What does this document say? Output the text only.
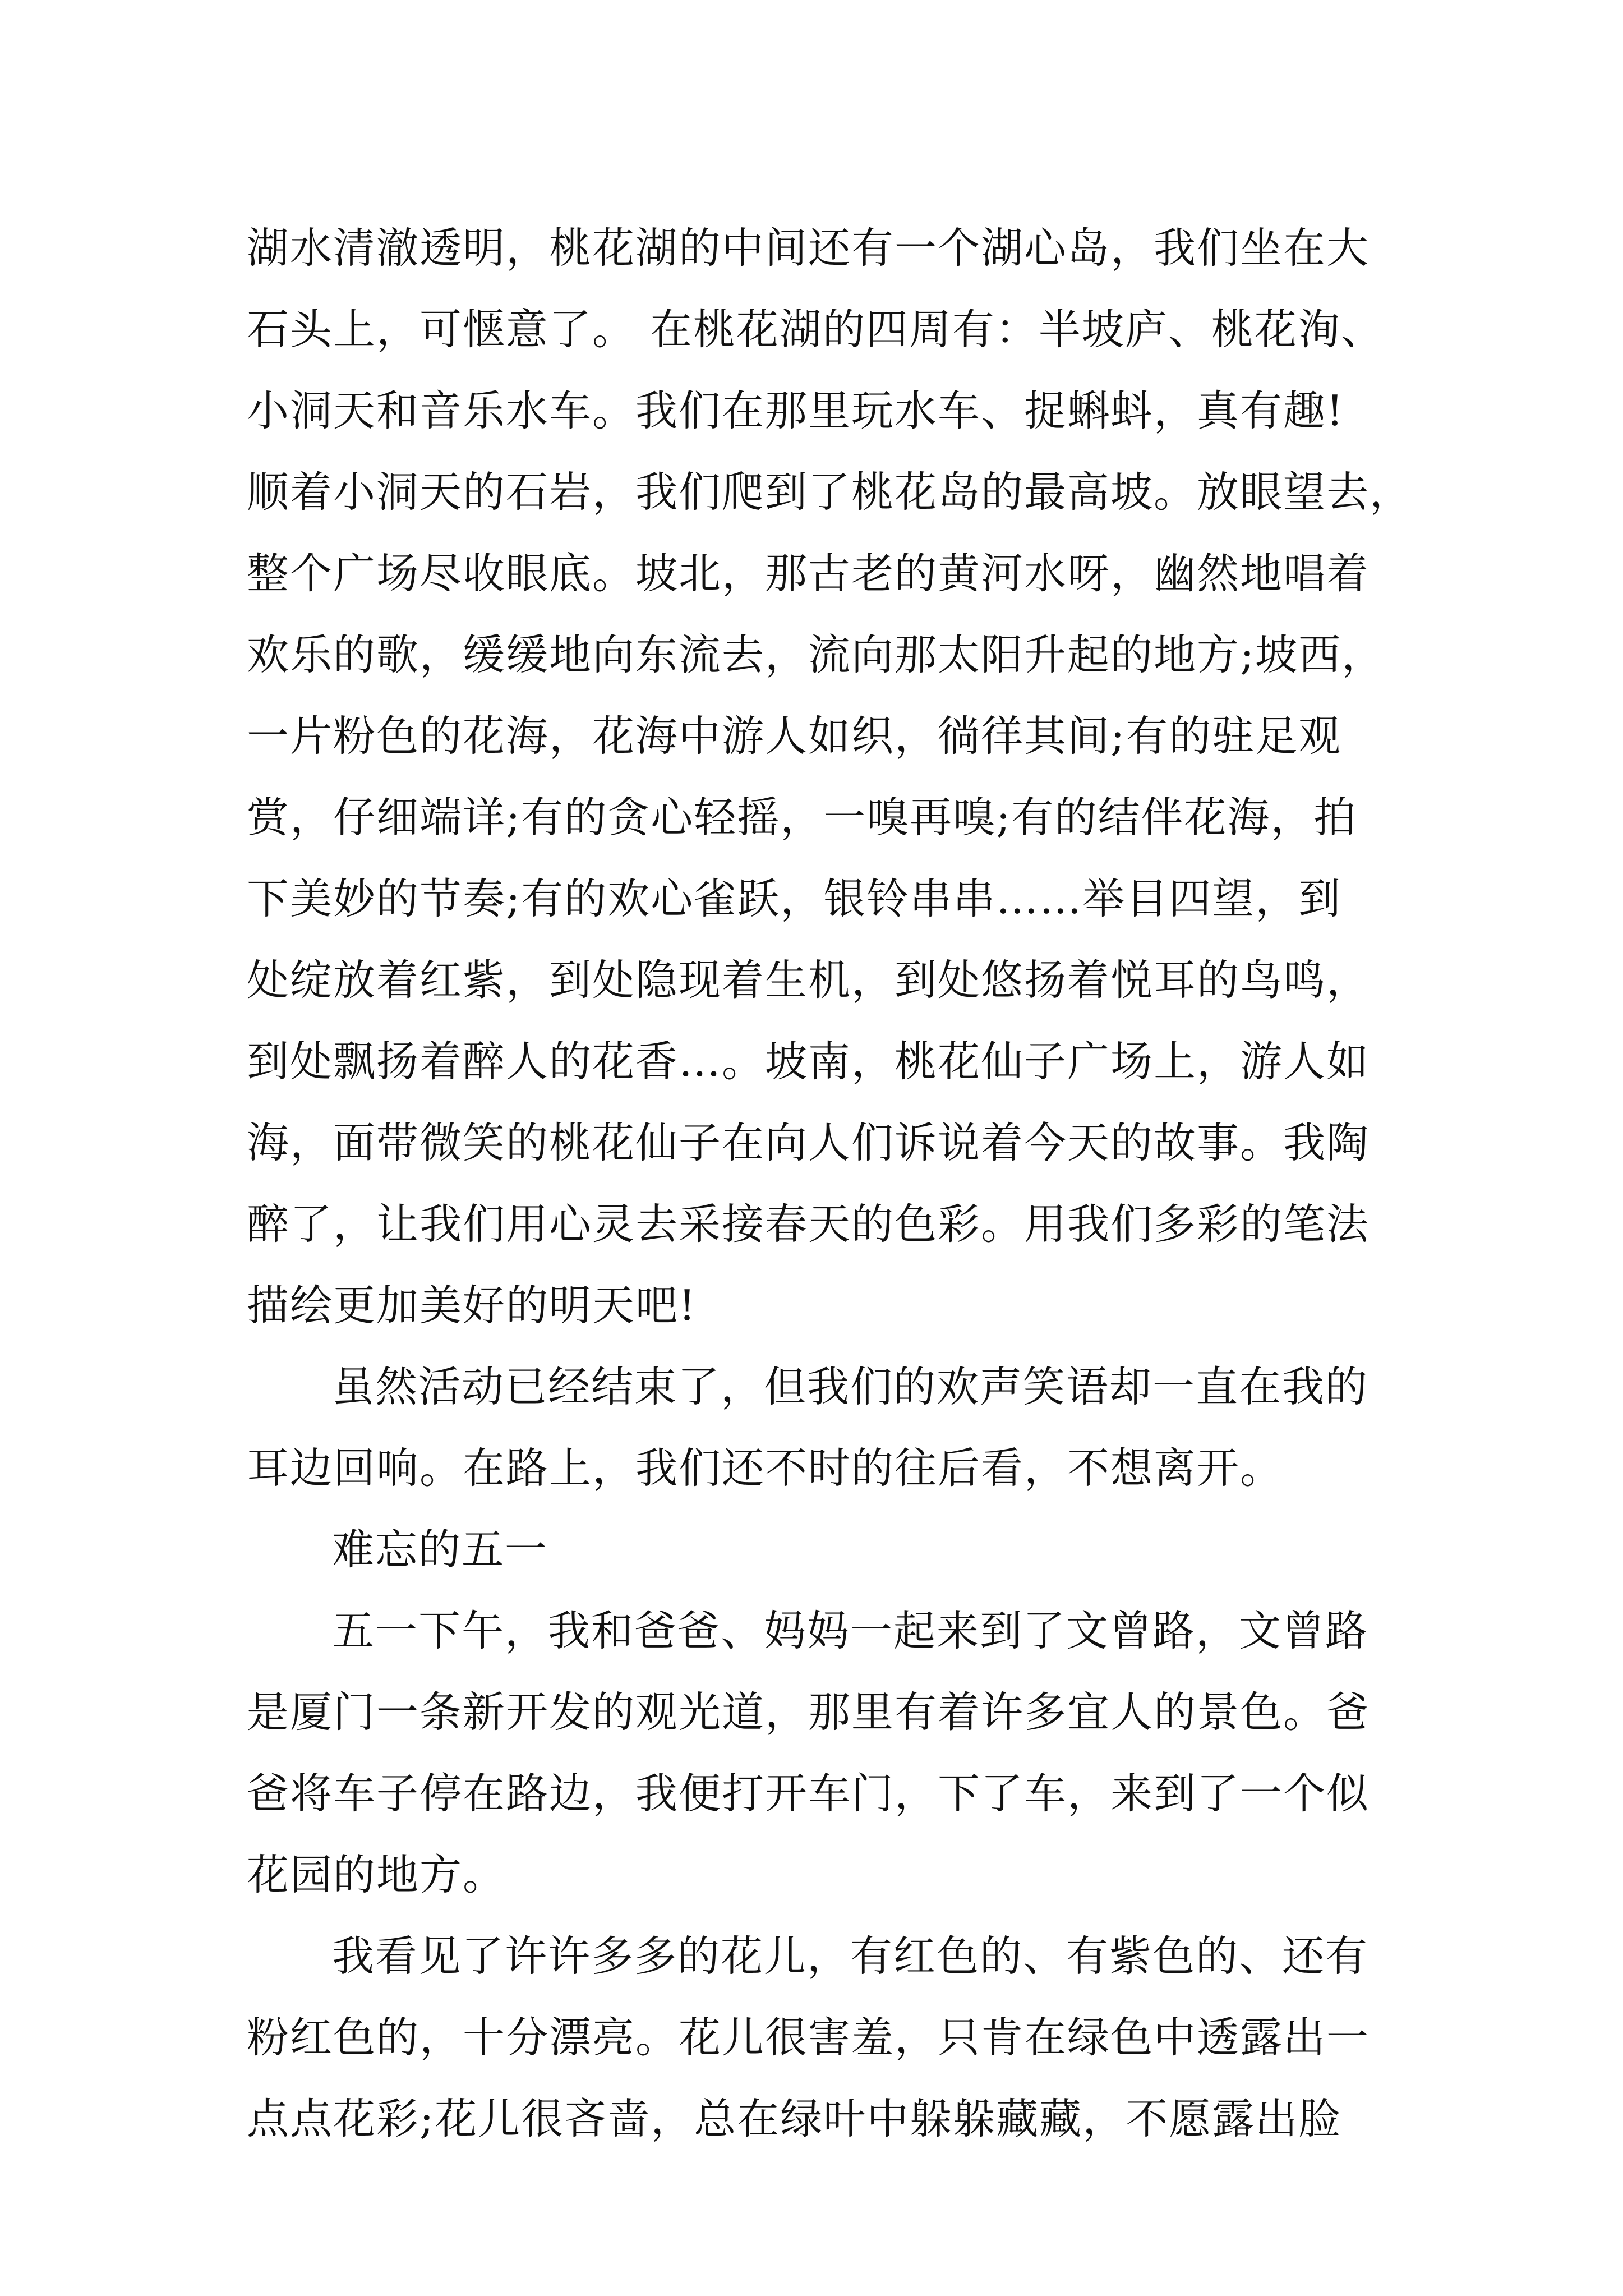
湖水清澈透明，桃花湖的中间还有一个湖心岛，我们坐在大
石头上，可惬意了。 在桃花湖的四周有：半坡庐、桃花洵、
小洞天和音乐水车。我们在那里玩水车、捉蝌蚪，真有趣!
顺着小洞天的石岩，我们爬到了桃花岛的最高坡。放眼望去，
整个广场尽收眼底。坡北，那古老的黄河水呀，幽然地唱着
欢乐的歌，缓缓地向东流去，流向那太阳升起的地方;坡西，
一片粉色的花海，花海中游人如织，徜徉其间;有的驻足观
赏，仔细端详;有的贪心轻摇，一嗅再嗅;有的结伴花海，拍
下美妙的节奏;有的欢心雀跃，银铃串串……举目四望，到
处绽放着红紫，到处隐现着生机，到处悠扬着悦耳的鸟鸣，
到处飘扬着醉人的花香…。坡南，桃花仙子广场上，游人如
海，面带微笑的桃花仙子在向人们诉说着今天的故事。我陶
醉了，让我们用心灵去采接春天的色彩。用我们多彩的笔法
描绘更加美好的明天吧!
虽然活动已经结束了，但我们的欢声笑语却一直在我的
耳边回响。在路上，我们还不时的往后看，不想离开。
难忘的五一
五一下午，我和爸爸、妈妈一起来到了文曾路，文曾路
是厦门一条新开发的观光道，那里有着许多宜人的景色。爸
爸将车子停在路边，我便打开车门，下了车，来到了一个似
花园的地方。
我看见了许许多多的花儿，有红色的、有紫色的、还有
粉红色的，十分漂亮。花儿很害羞，只肯在绿色中透露出一
点点花彩;花儿很吝啬，总在绿叶中躲躲藏藏，不愿露出脸
